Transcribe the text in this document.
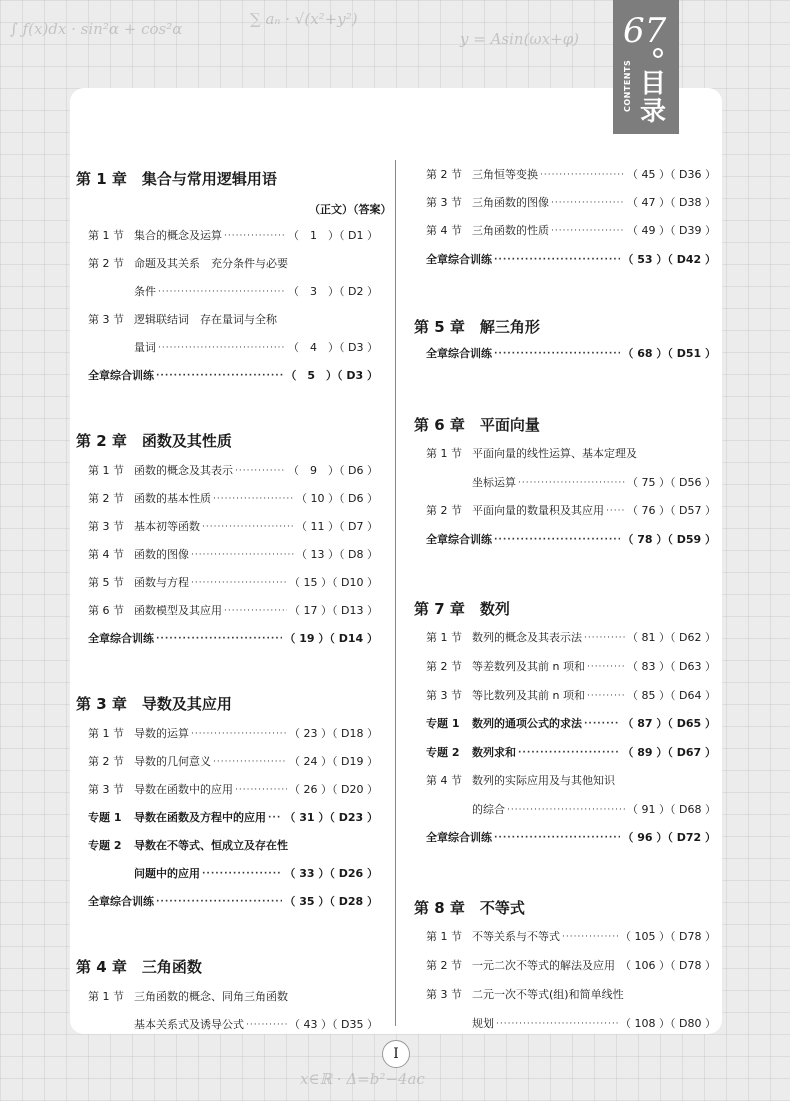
∫ ƒ(x)dx · sin²α + cos²α
∑ aₙ · √(x²+y²)
y = Asin(ωx+φ)
x∈ℝ · Δ=b²−4ac
67
CONTENTS 目录
第 1 章　集合与常用逻辑用语
（正文）（答案）
第 1 节 集合的概念及运算 ·····	（　1　）（ D1 ）
第 2 节 命题及其关系　充分条件与必要
条件 ·····	（　3　）（ D2 ）
第 3 节 逻辑联结词　存在量词与全称
量词 ·····	（　4　）（ D3 ）
全章综合训练 ·····	（　5　）（ D3 ）
第 2 章　函数及其性质
第 1 节 函数的概念及其表示 ·····	（　9　）（ D6 ）
第 2 节 函数的基本性质 ·····	（ 10 ）（ D6 ）
第 3 节 基本初等函数 ·····	（ 11 ）（ D7 ）
第 4 节 函数的图像 ·····	（ 13 ）（ D8 ）
第 5 节 函数与方程 ·····	（ 15 ）（ D10 ）
第 6 节 函数模型及其应用 ·····	（ 17 ）（ D13 ）
全章综合训练 ·····	（ 19 ）（ D14 ）
第 3 章　导数及其应用
第 1 节 导数的运算 ·····	（ 23 ）（ D18 ）
第 2 节 导数的几何意义 ·····	（ 24 ）（ D19 ）
第 3 节 导数在函数中的应用 ·····	（ 26 ）（ D20 ）
专题 1	导数在函数及方程中的应用 ····· （ 31 ）（ D23 ）
专题 2	导数在不等式、恒成立及存在性
问题中的应用 ·····	（ 33 ）（ D26 ）
全章综合训练 ·····	（ 35 ）（ D28 ）
第 4 章　三角函数
第 1 节 三角函数的概念、同角三角函数
基本关系式及诱导公式 ·····	（ 43 ）（ D35 ）
第 2 节 三角恒等变换 ·····	（ 45 ）（ D36 ）
第 3 节 三角函数的图像 ·····	（ 47 ）（ D38 ）
第 4 节 三角函数的性质 ·····	（ 49 ）（ D39 ）
全章综合训练 ·····	（ 53 ）（ D42 ）
第 5 章　解三角形
全章综合训练 ·····	（ 68 ）（ D51 ）
第 6 章　平面向量
第 1 节 平面向量的线性运算、基本定理及
坐标运算 ·····	（ 75 ）（ D56 ）
第 2 节 平面向量的数量积及其应用 ····· （ 76 ）（ D57 ）
全章综合训练 ·····	（ 78 ）（ D59 ）
第 7 章　数列
第 1 节 数列的概念及其表示法 ·····	（ 81 ）（ D62 ）
第 2 节 等差数列及其前 n 项和 ·····	（ 83 ）（ D63 ）
第 3 节 等比数列及其前 n 项和 ·····	（ 85 ）（ D64 ）
专题 1	数列的通项公式的求法 ·····	（ 87 ）（ D65 ）
专题 2	数列求和 ·····	（ 89 ）（ D67 ）
第 4 节 数列的实际应用及与其他知识
的综合 ·····	（ 91 ）（ D68 ）
全章综合训练 ·····	（ 96 ）（ D72 ）
第 8 章　不等式
第 1 节 不等关系与不等式 ·····	（ 105 ）（ D78 ）
第 2 节 一元二次不等式的解法及应用 ····· （ 106 ）（ D78 ）
第 3 节 二元一次不等式(组)和简单线性
规划 ·····	（ 108 ）（ D80 ）
I
